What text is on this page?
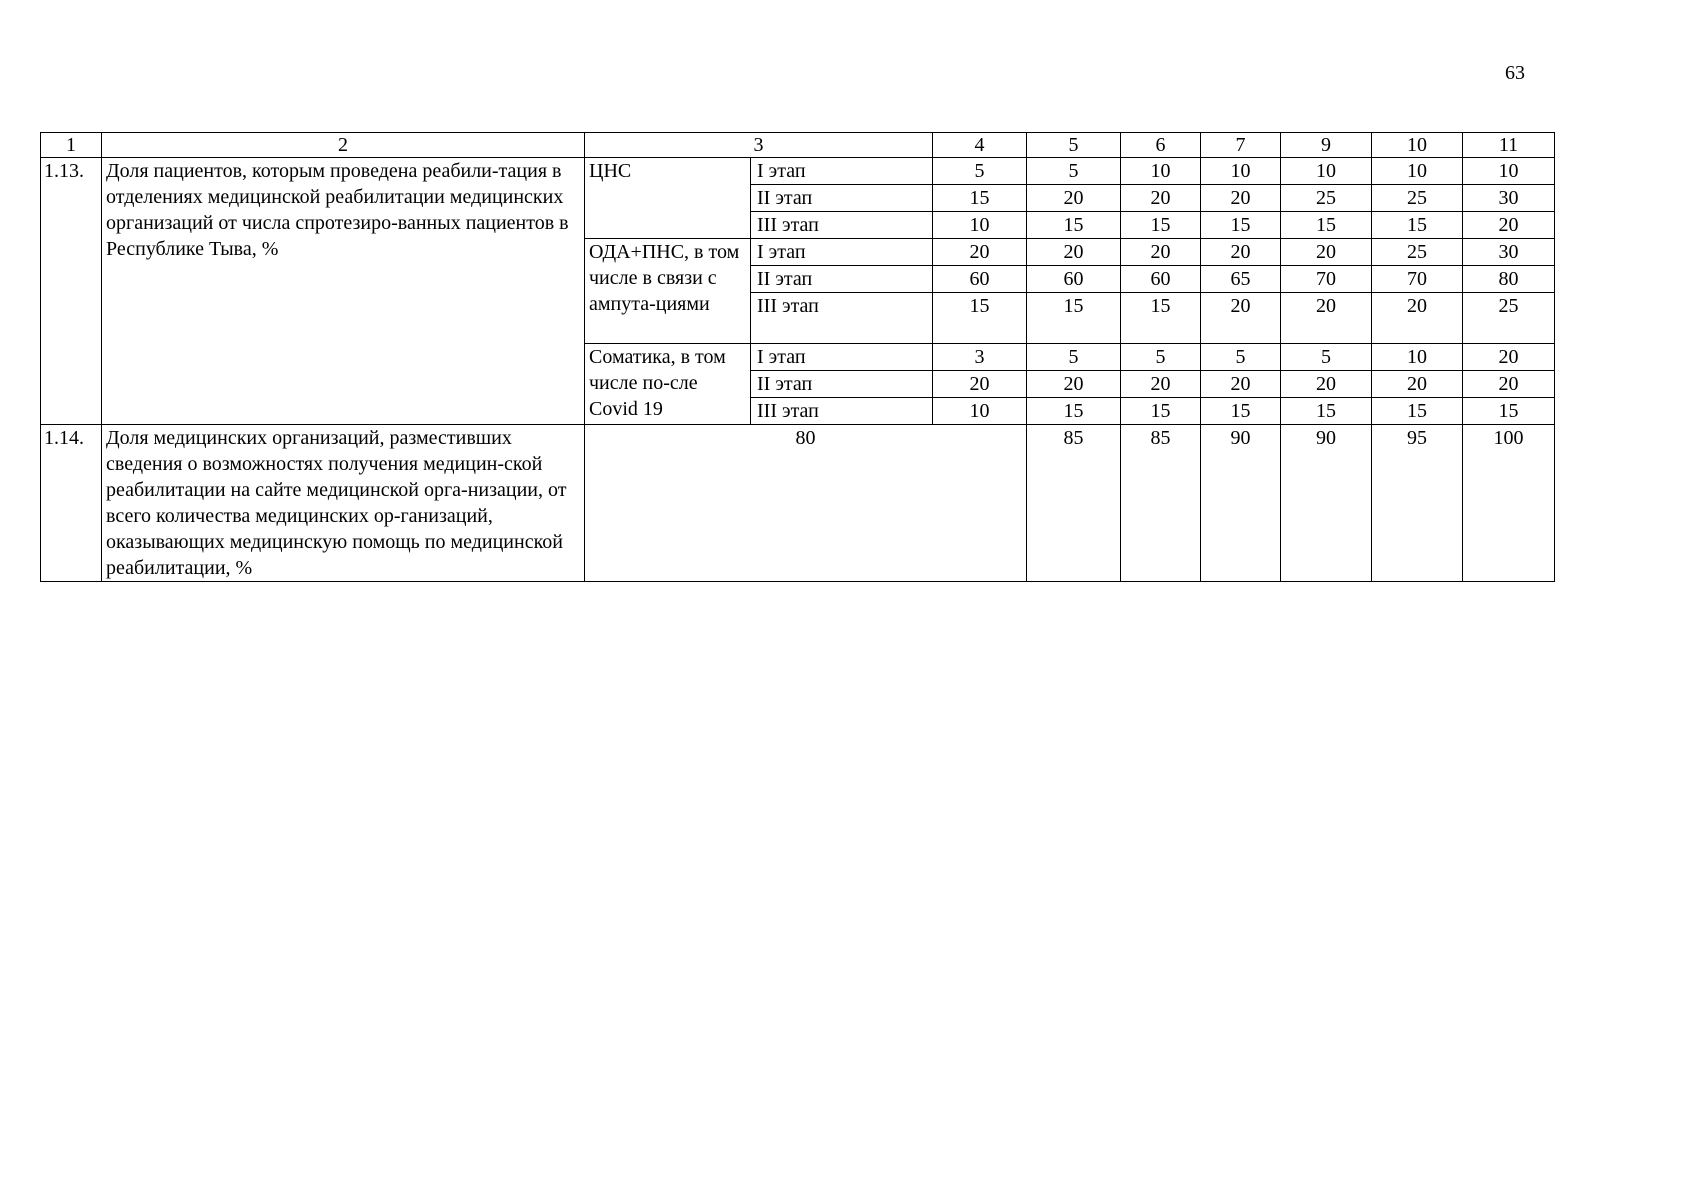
63
1	2	3		4	5	6	7	9	10	11
1.13.	Доля пациентов, которым проведена реабили-тация в отделениях медицинской реабилитации медицинских организаций от числа спротезиро-ванных пациентов в Республике Тыва, %	ЦНС	I этап	5	5	10	10	10	10	10
			II этап	15	20	20	20	25	25	30
			III этап	10	15	15	15	15	15	20
		ОДА+ПНС, в том числе в связи с ампута-циями	I этап	20	20	20	20	20	25	30
			II этап	60	60	60	65	70	70	80
			III этап	15	15	15	20	20	20	25
		Соматика, в том числе по-сле Covid 19	I этап	3	5	5	5	5	10	20
			II этап	20	20	20	20	20	20	20
			III этап	10	15	15	15	15	15	15
1.14.	Доля медицинских организаций, разместивших сведения о возможностях получения медицин-ской реабилитации на сайте медицинской орга-низации, от всего количества медицинских ор-ганизаций, оказывающих медицинскую помощь по медицинской реабилитации, %	80			85	85	90	90	95	100
